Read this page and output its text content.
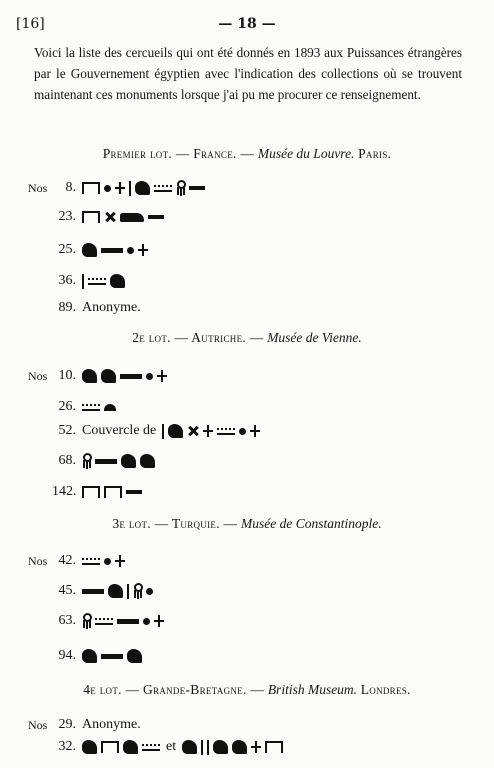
[16]	— 18 —
Voici la liste des cercueils qui ont été donnés en 1893 aux Puissances étrangères par le Gouvernement égyptien avec l'indication des collections où se trouvent maintenant ces monuments lorsque j'ai pu me procurer ce renseignement.
Premier lot. — France. — Musée du Louvre. Paris.
Nos	8.
23.
25.
36.
89. Anonyme.
2e lot. — Autriche. — Musée de Vienne.
Nos 10.
26.
52. Couvercle de
68.
142.
3e lot. — Turquie. — Musée de Constantinople.
Nos 42.
45.
63.
94.
4e lot. — Grande-Bretagne. — British Museum. Londres.
Nos 29. Anonyme.
32.	et
